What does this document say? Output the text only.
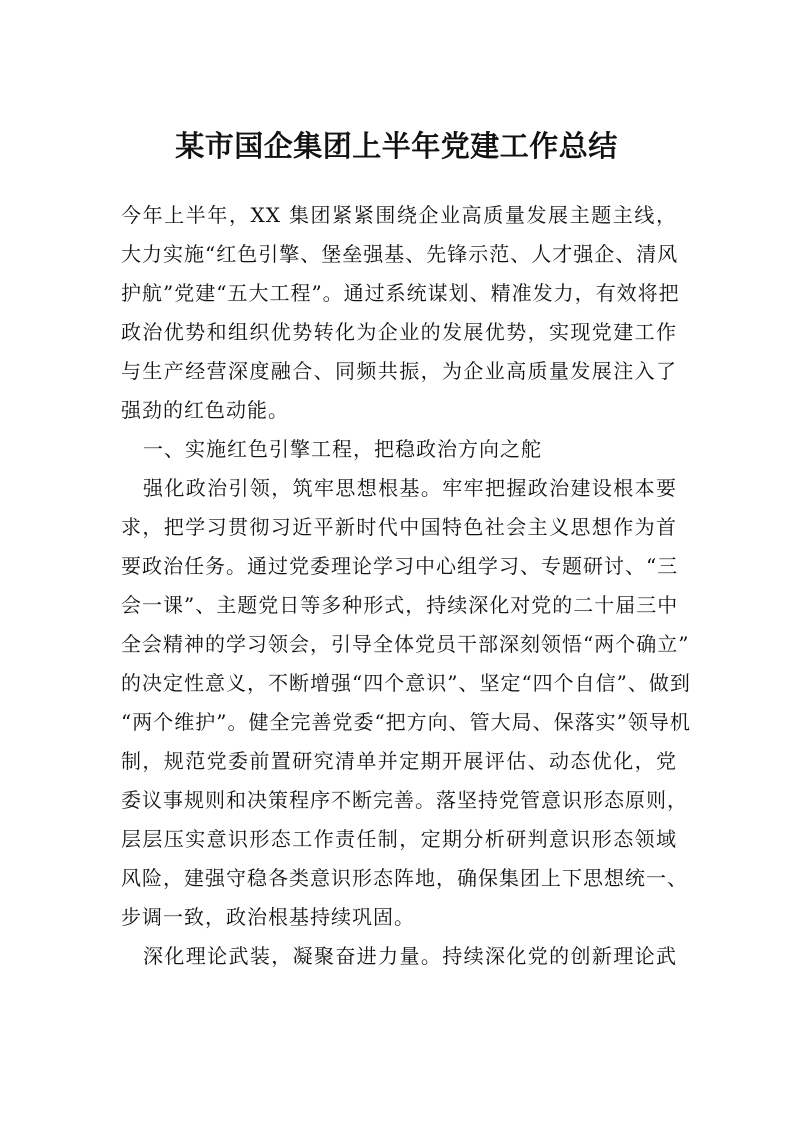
某市国企集团上半年党建工作总结
今年上半年，XX 集团紧紧围绕企业高质量发展主题主线，
大力实施“红色引擎、堡垒强基、先锋示范、人才强企、清风
护航”党建“五大工程”。通过系统谋划、精准发力，有效将把
政治优势和组织优势转化为企业的发展优势，实现党建工作
与生产经营深度融合、同频共振，为企业高质量发展注入了
强劲的红色动能。
一、实施红色引擎工程，把稳政治方向之舵
强化政治引领，筑牢思想根基。牢牢把握政治建设根本要
求，把学习贯彻习近平新时代中国特色社会主义思想作为首
要政治任务。通过党委理论学习中心组学习、专题研讨、“三
会一课”、主题党日等多种形式，持续深化对党的二十届三中
全会精神的学习领会，引导全体党员干部深刻领悟“两个确立”
的决定性意义，不断增强“四个意识”、坚定“四个自信”、做到
“两个维护”。健全完善党委“把方向、管大局、保落实”领导机
制，规范党委前置研究清单并定期开展评估、动态优化，党
委议事规则和决策程序不断完善。落坚持党管意识形态原则，
层层压实意识形态工作责任制，定期分析研判意识形态领域
风险，建强守稳各类意识形态阵地，确保集团上下思想统一、
步调一致，政治根基持续巩固。
深化理论武装，凝聚奋进力量。持续深化党的创新理论武
